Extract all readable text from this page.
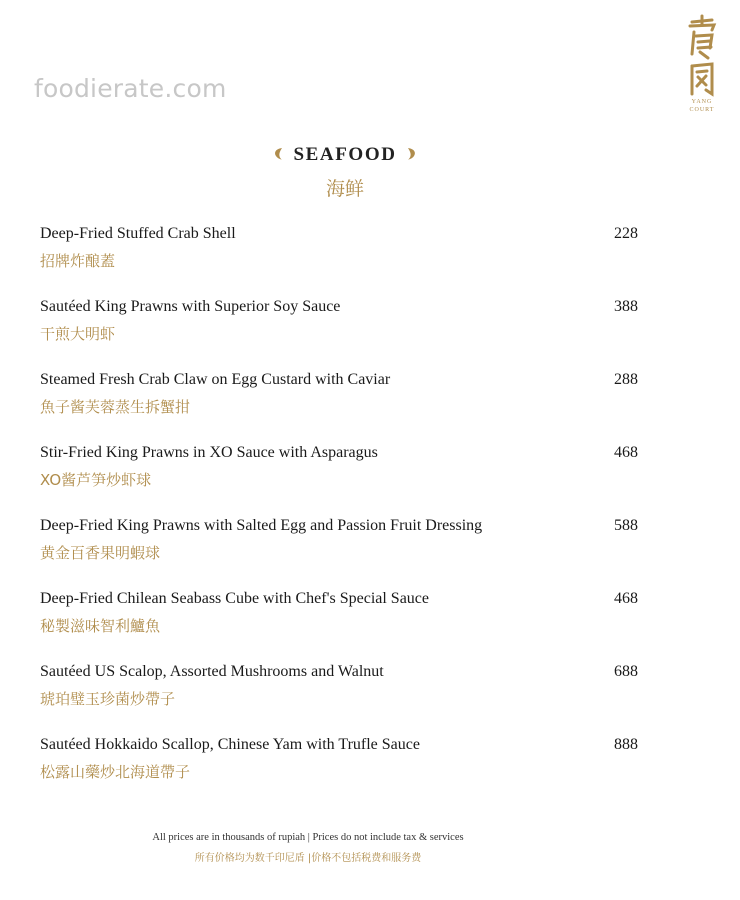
foodierate.com	YANG
COURT
SEAFOOD
海鲜
Deep-Fried Stuffed Crab Shell
招牌炸酿蓋
228
Sautéed King Prawns with Superior Soy Sauce
干煎大明虾
388
Steamed Fresh Crab Claw on Egg Custard with Caviar
魚子酱芙蓉蒸生拆蟹拑
288
Stir-Fried King Prawns in XO Sauce with Asparagus
XO酱芦笋炒虾球
468
Deep-Fried King Prawns with Salted Egg and Passion Fruit Dressing
黄金百香果明蝦球
588
Deep-Fried Chilean Seabass Cube with Chef's Special Sauce
秘製滋味智利鱸魚
468
Sautéed US Scalop, Assorted Mushrooms and Walnut
琥珀璧玉珍菌炒帶子
688
Sautéed Hokkaido Scallop, Chinese Yam with Trufle Sauce
松露山藥炒北海道帶子
888
All prices are in thousands of rupiah | Prices do not include tax & services
所有价格均为数千印尼盾 |价格不包括税费和服务费
